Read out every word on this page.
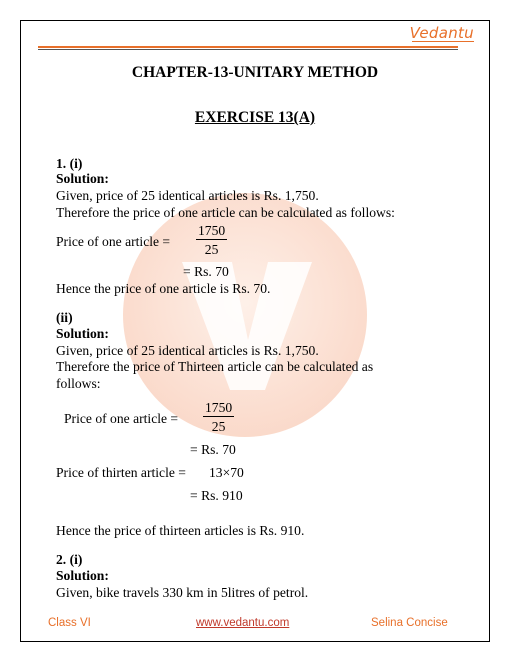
Vedantu
CHAPTER-13-UNITARY METHOD
EXERCISE 13(A)
1. (i)
Solution:
Given, price of 25 identical articles is Rs. 1,750.
Therefore the price of one article can be calculated as follows:
Price of one article =
1750
25
= Rs. 70
Hence the price of one article is Rs. 70.
(ii)
Solution:
Given, price of 25 identical articles is Rs. 1,750.
Therefore the price of Thirteen article can be calculated as
follows:
Price of one article =
1750
25
= Rs. 70
Price of thirten article = 13×70
= Rs. 910
Hence the price of thirteen articles is Rs. 910.
2. (i)
Solution:
Given, bike travels 330 km in 5litres of petrol.
Class VI	www.vedantu.com	Selina Concise
